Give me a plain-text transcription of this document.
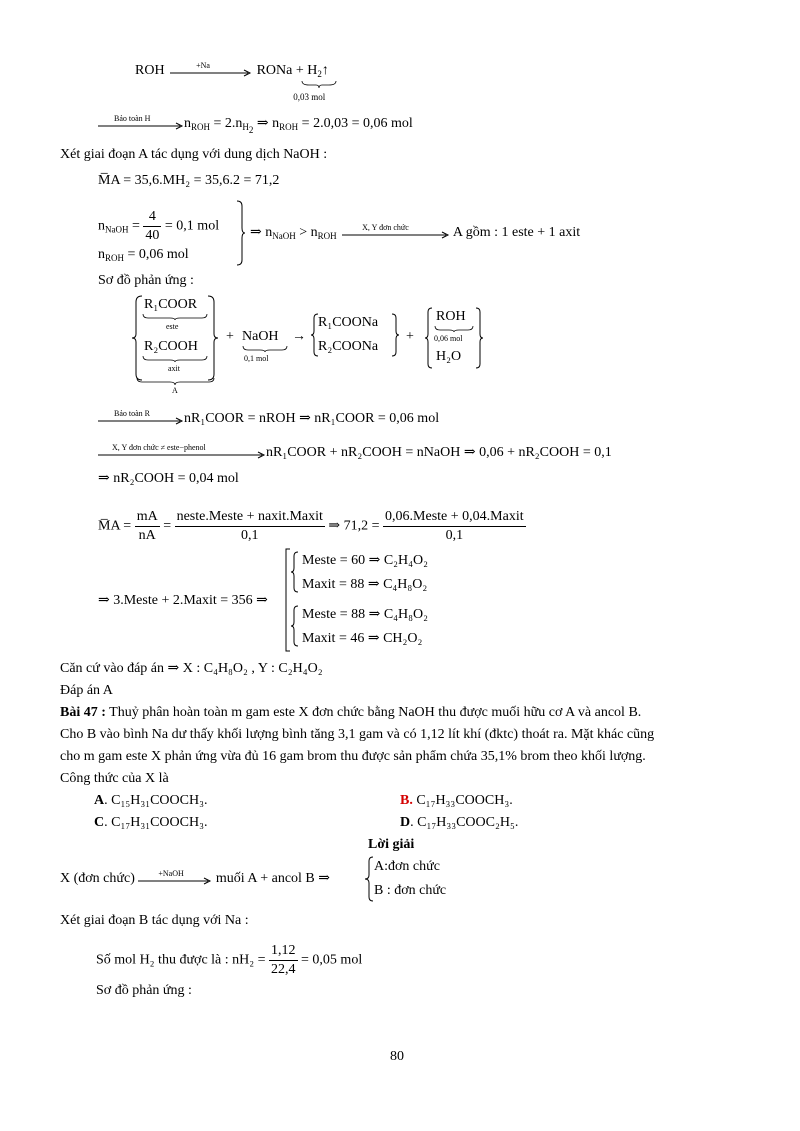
ROH	+Na	RONa + $H_2↑$
0,03 mol
Bảo toàn H $n_{ROH} = 2.n_{H_2}$ ⇒ $n_{ROH} = 2.0,03 = 0,06$ mol
Xét giai đoạn A tác dụng với dung dịch NaOH :
M̅A = 35,6.MH₂ = 35,6.2 = 71,2
$n_{NaOH} = \frac{4}{40} = 0,1$ mol
$n_{ROH} = 0,06$ mol
⇒ $n_{NaOH} > n_{ROH}$
X, Y đơn chức	A gồm : 1 este + 1 axit
Sơ đồ phản ứng :
R₁COOR
este
R₂COOH
axit
A
+ NaOH
0,1 mol
→
R₁COONa
R₂COONa
+
ROH
0,06 mol
H₂O
Bảo toàn R nR₁COOR = nROH ⇒ nR₁COOR = 0,06 mol
X, Y đơn chức ≠ este−phenol	nR₁COOR + nR₂COOH = nNaOH ⇒ 0,06 + nR₂COOH = 0,1
⇒ nR₂COOH = 0,04 mol
M̅A = $\frac{mA}{nA} = \frac{\text{neste.Meste + naxit.Maxit}}{0,1}$ ⇒ $71,2 = \frac{\text{0,06.Meste + 0,04.Maxit}}{0,1}$
⇒ 3.Meste + 2.Maxit = 356 ⇒
Meste = 60 ⇒ C₂H₄O₂
Maxit = 88 ⇒ C₄H₈O₂
Meste = 88 ⇒ C₄H₈O₂
Maxit = 46 ⇒ CH₂O₂
Căn cứ vào đáp án ⇒ X : C₄H₈O₂ , Y : C₂H₄O₂
Đáp án A
Bài 47 : Thuỷ phân hoàn toàn m gam este X đơn chức bằng NaOH thu được muối hữu cơ A và ancol B.
Cho B vào bình Na dư thấy khối lượng bình tăng 3,1 gam và có 1,12 lít khí (đktc) thoát ra. Mặt khác cũng
cho m gam este X phản ứng vừa đủ 16 gam brom thu được sản phẩm chứa 35,1% brom theo khối lượng.
Công thức của X là
A. C₁₅H₃₁COOCH₃.	B. C₁₇H₃₃COOCH₃.
C. C₁₇H₃₁COOCH₃.	D. C₁₇H₃₃COOC₂H₅.
Lời giải
X (đơn chức)	+NaOH muối A + ancol B ⇒
A:đơn chức
B : đơn chức
Xét giai đoạn B tác dụng với Na :
Số mol H₂ thu được là : $nH_2 = \frac{1,12}{22,4} = 0,05$ mol
Sơ đồ phản ứng :
80
